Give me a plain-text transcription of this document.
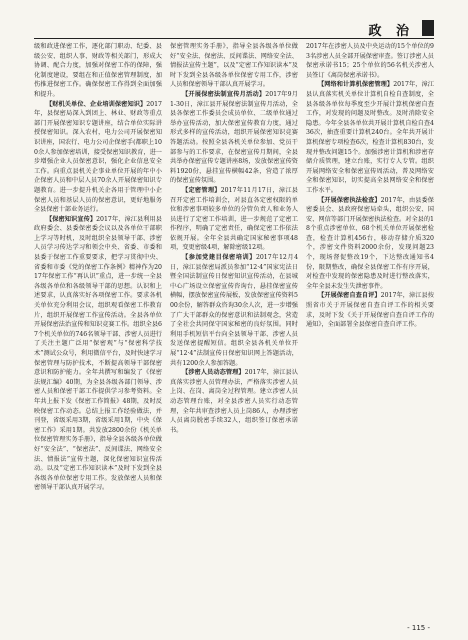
政 治

级和政进保密工作，逐化部门职动、纪委、县级公安、组织人事、财政等相关部门，形成大协调、配合力度，加强对保密工作的保障，强化制度建设，要组在和正值保密管理制度，加伤推进保密工作。确保保密工作得到全面加强和提升。

【财机关单位、企业培训保密知识】2017年，县保密局深入到团上、林业、财政等重点部门开展保密知识专题讲座，结合单位实际讲授保密知识。深入农村，电力公司开展保密知识讲座，国农行、电力公司企保密手(都职上100余人参加保密培训，接受保密知识教育，进一步增强企业人员保密意识，强化企业信息安全工作。向重点县机关企事业单位开展的年中小企保密人员和中层人员70余人开展保密知识专题教育。进一步提升机关企各用于管理中小企保密人员和基层人员的保密意识，更好地服务全县保密十部业务运行。

【保密知识宣传】2017年，漳江县利用县政府委会、县委保密委会议以及各单位干部职上学习等时机，及时组织全县领导干部、涉密人员学习传达学习和领会中央、省委、市委和县委于保密工作重要要求，把学习贯彻中央、省委和市委《党的保密工作条例》精神作为2017年保密工作“再认识”重点，进一步统一全县各级各单位和各级领导干部的思想。认识和上述要求，认真落实好各项保密工作。要求各机关单位充分利用会议，组织观看保密工作教育片，组织开展保密工作宣传活动。全县各单位开展保密法治宣传和知识竞赛工作。组织全县67个机关单位的746名领导干部、涉密人员进行了关注主题广泛用“保密观”与“保密科学技术”测试公众号，利用微信平台，及时快速学习保密管理与防护技术，不断提高领导干部保密意识和防护能力。全年共撰写和编发了《保密法规汇编》40期，为全县各级各部门领导、涉密人员和保密干部工作提供学习参考资料。全年共上报下发《保密工作简报》48期，及时反映保密工作动态。总结上报工作经验做法，并刊登，省级采用3期，省级采用1期，中央《保密工作》采用1期。共发放2800余份《机关单位保密管理实务手册》，指导全县各级各单位做好“安全法”、“保密法”、反间谍法、网络安全法、情报法”宣传主题，深化保密知识宣传活动。以及“定密工作知识读本”及时下发到全县各级各单位保密专用工作。发放保密人员和保密领导干部认真开展学习。

保密管理实务手册》，指导全县各级各单位做好“安全法、保密法、反间谍法、网络安全法、情报法宣传主题”，以及“定密工作知识读本”及时下发到全县各级各单位保密专用工作，涉密人员和保密领导干部认真开展学习。

【开展保密法制宣传月活动】2017年9月1-30日，漳江县开展保密法制宣传月活动，全县各保密工作委员会成员单位、二级单位通过举办宣传活动，加大保密宣传教育力度，通过形式多样的宣传活动，组织开展保密知识竞赛答题活动。按照全县各机关单位参加、党员干部参与的工作要求，在保密宣传月期间，全县共举办保密宣传专题讲座8场，发放保密宣传资料1920份，悬挂宣传横幅42条，营造了浓厚的保密宣传氛围。

【定密管理】2017年11月17日，漳江县召开定密工作培训会，对县直各定密权限的单位和涉密事项较多单位的分管负责人和业务人员进行了定密工作培训，进一步规范了定密工作程序，明确了定密责任，确保定密工作依法依规开展。全年全县共确定国家秘密事项48项，变更密级4项，解除密级12项。

【参加党建目保密培训】2017年12月4日，漳江县保密局派员参加“12·4”国家宪法日暨全国法制宣传日保密知识宣传活动，在县城中心广场设立保密宣传咨询台，悬挂保密宣传横幅，摆放保密宣传展板，发放保密宣传资料500余份，解答群众咨询30余人次，进一步增强了广大干部群众的保密意识和法制观念，营造了全社会共同保守国家秘密的良好氛围。同时利用手机短信平台向全县领导干部、涉密人员发送保密提醒短信。组织全县各机关单位开展“12·4”法制宣传日保密知识网上答题活动，共有1200余人参加答题。

【涉密人员动态管理】2017年，漳江县认真落实涉密人员管理办法，严格落实涉密人员上岗、在岗、离岗全过程管理。建立涉密人员动态管理台账，对全县涉密人员实行动态管理，全年共审查涉密人员上岗86人，办理涉密人员离岗脱密手续32人，组织签订保密承诺书。

2017年在涉密人员及中央运动的15个单位的93名涉密人员全部开展保密审查。签订涉密人员保密承诺书15；25个单位的56名机关涉密人员签订《离岗保密承诺书》。

【网络和计算机保密管理】2017年，漳江县认真落实机关单位计算机自检自查制度，全县各级各单位每季度至少开展计算机保密自查工作，对发现的问题及时整改。及时消除安全隐患。今年全县各单位共开展计算机自检自查436次，抽查重要计算机240台。全年共开展计算机保密专项检查6次，检查计算机830台，发现并整改问题15个。加强涉密计算机和涉密存储介质管理，建立台账，实行专人专管。组织开展网络安全和保密宣传周活动，普及网络安全和保密知识，切实提高全县网络安全和保密工作水平。

【开展保密执法检查】2017年，由县委保密委员会、县政府保密局牵头，组织公安、国安、网信等部门开展保密执法检查。对全县的18个重点涉密单位、68个机关单位开展保密检查，检查计算机456台，移动存储介质320个，涉密文件资料2000余份，发现问题23个，现场督促整改19个，下达整改通知书4份，限期整改，确保全县保密工作有序开展，对检查中发现的保密隐患及时进行整改落实，全年全县未发生失泄密事件。

【开展保密自查自评】2017年，漳江县按照省市关于开展保密自查自评工作的相关要求，及时下发《关于开展保密自查自评工作的通知》，全面部署全县保密自查自评工作。

- 115 -
